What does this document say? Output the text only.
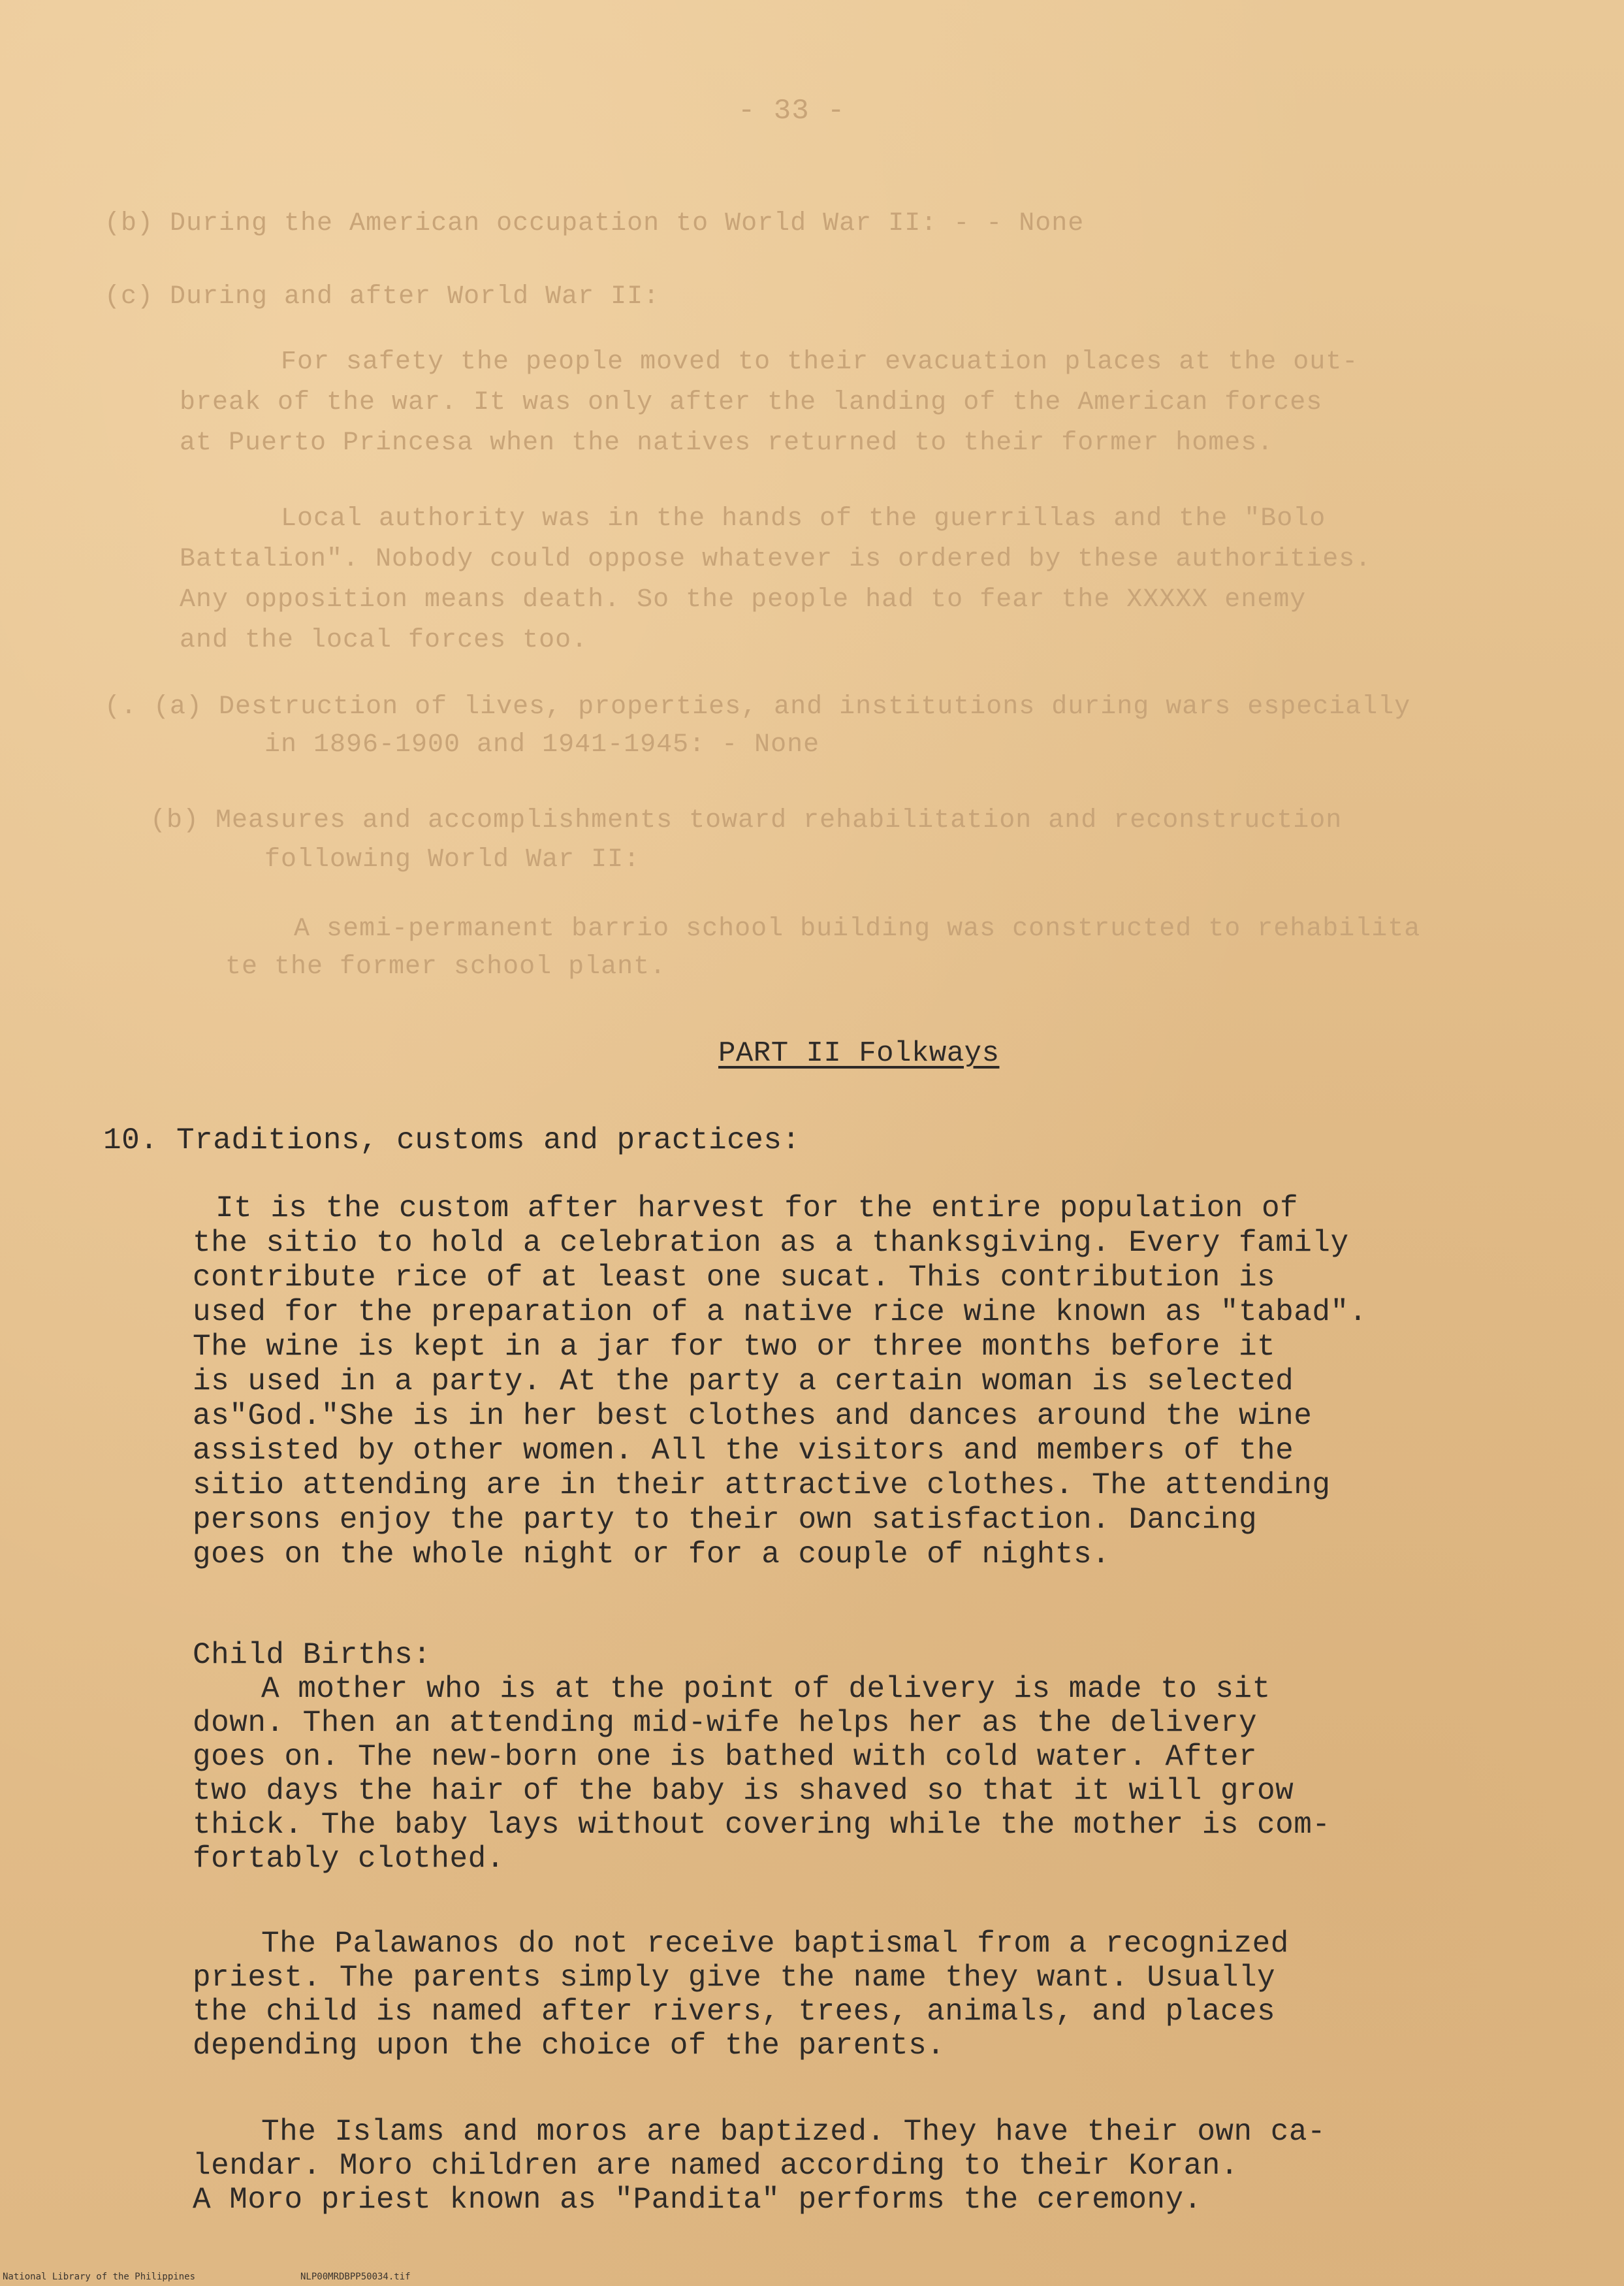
- 33 -
(b) During the American occupation to World War II: - - None
(c) During and after World War II:
For safety the people moved to their evacuation places at the out-
break of the war. It was only after the landing of the American forces
at Puerto Princesa when the natives returned to their former homes.
Local authority was in the hands of the guerrillas and the "Bolo
Battalion". Nobody could oppose whatever is ordered by these authorities.
Any opposition means death. So the people had to fear the XXXXX enemy
and the local forces too.
(. (a) Destruction of lives, properties, and institutions during wars especially
in 1896-1900 and 1941-1945: - None
(b) Measures and accomplishments toward rehabilitation and reconstruction
following World War II:
A semi-permanent barrio school building was constructed to rehabilita
te the former school plant.
PART II Folkways
10. Traditions, customs and practices:
It is the custom after harvest for the entire population of
the sitio to hold a celebration as a thanksgiving. Every family
contribute rice of at least one sucat. This contribution is
used for the preparation of a native rice wine known as "tabad".
The wine is kept in a jar for two or three months before it
is used in a party. At the party a certain woman is selected
as"God."She is in her best clothes and dances around the wine
assisted by other women. All the visitors and members of the
sitio attending are in their attractive clothes. The attending
persons enjoy the party to their own satisfaction. Dancing
goes on the whole night or for a couple of nights.
Child Births:
A mother who is at the point of delivery is made to sit
down. Then an attending mid-wife helps her as the delivery
goes on. The new-born one is bathed with cold water. After
two days the hair of the baby is shaved so that it will grow
thick. The baby lays without covering while the mother is com-
fortably clothed.
The Palawanos do not receive baptismal from a recognized
priest. The parents simply give the name they want. Usually
the child is named after rivers, trees, animals, and places
depending upon the choice of the parents.
The Islams and moros are baptized. They have their own ca-
lendar. Moro children are named according to their Koran.
A Moro priest known as "Pandita" performs the ceremony.
National Library of the Philippines	NLP00MRDBPP50034.tif
